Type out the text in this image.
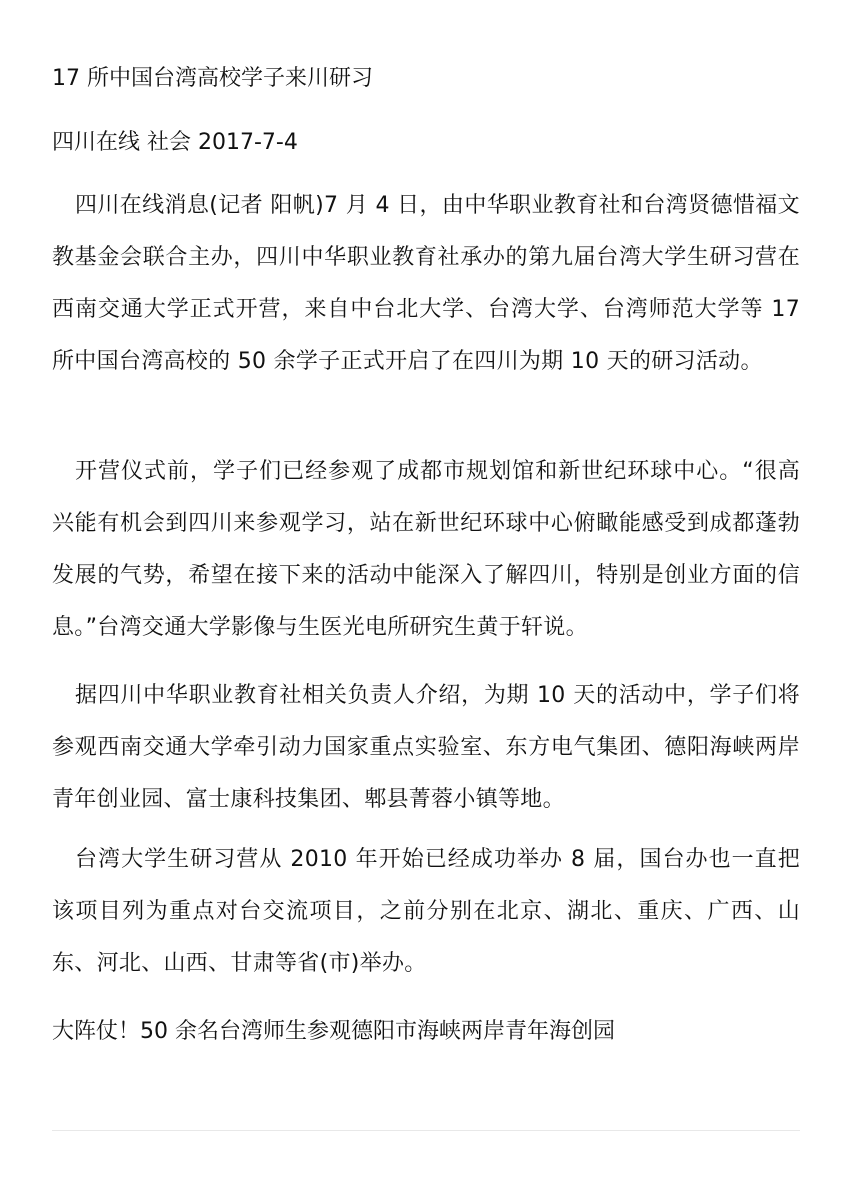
17 所中国台湾高校学子来川研习
四川在线 社会 2017-7-4

四川在线消息(记者 阳帆)7 月 4 日，由中华职业教育社和台湾贤德惜福文教基金会联合主办，四川中华职业教育社承办的第九届台湾大学生研习营在西南交通大学正式开营，来自中台北大学、台湾大学、台湾师范大学等 17 所中国台湾高校的 50 余学子正式开启了在四川为期 10 天的研习活动。

开营仪式前，学子们已经参观了成都市规划馆和新世纪环球中心。“很高兴能有机会到四川来参观学习，站在新世纪环球中心俯瞰能感受到成都蓬勃发展的气势，希望在接下来的活动中能深入了解四川，特别是创业方面的信息。”台湾交通大学影像与生医光电所研究生黄于轩说。

据四川中华职业教育社相关负责人介绍，为期 10 天的活动中，学子们将参观西南交通大学牵引动力国家重点实验室、东方电气集团、德阳海峡两岸青年创业园、富士康科技集团、郫县菁蓉小镇等地。

台湾大学生研习营从 2010 年开始已经成功举办 8 届，国台办也一直把该项目列为重点对台交流项目，之前分别在北京、湖北、重庆、广西、山东、河北、山西、甘肃等省(市)举办。

大阵仗！50 余名台湾师生参观德阳市海峡两岸青年海创园
